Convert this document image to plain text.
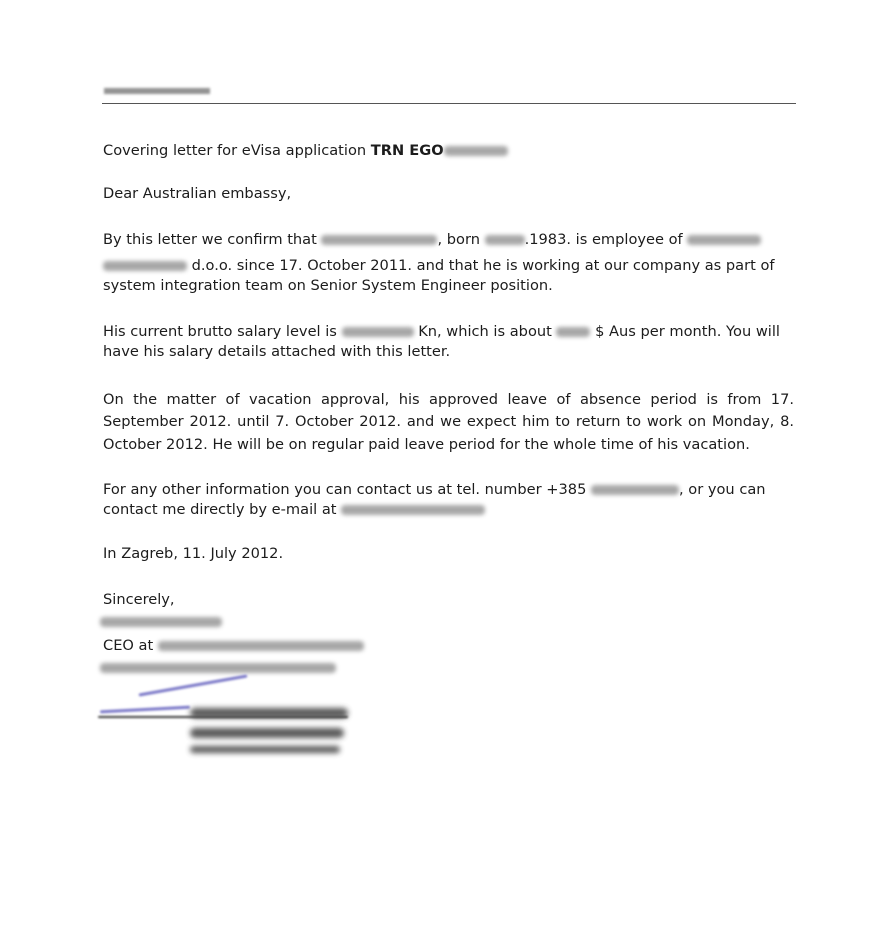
Covering letter for eVisa application TRN EGO
Dear Australian embassy,
By this letter we confirm that	, born	.1983. is employee of
d.o.o. since 17. October 2011. and that he is working at our company as part of
system integration team on Senior System Engineer position.
His current brutto salary level is	Kn, which is about	$ Aus per month. You will
have his salary details attached with this letter.
On the matter of vacation approval, his approved leave of absence period is from 17.
September 2012. until 7. October 2012. and we expect him to return to work on Monday, 8.
October 2012. He will be on regular paid leave period for the whole time of his vacation.
For any other information you can contact us at tel. number +385	, or you can
contact me directly by e-mail at
In Zagreb, 11. July 2012.
Sincerely,
CEO at
